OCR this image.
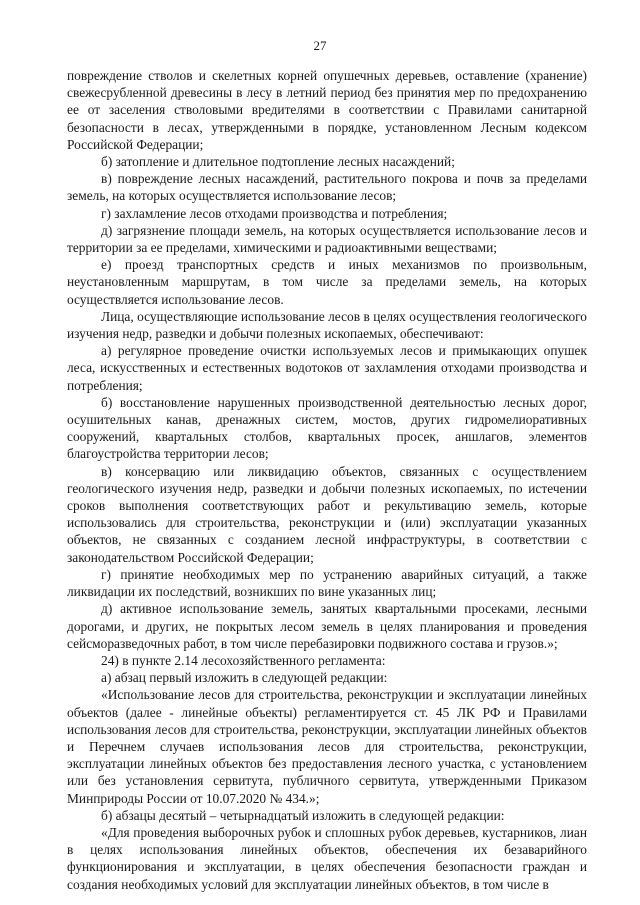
27

повреждение стволов и скелетных корней опушечных деревьев, оставление (хранение) свежесрубленной древесины в лесу в летний период без принятия мер по предохранению ее от заселения стволовыми вредителями в соответствии с Правилами санитарной безопасности в лесах, утвержденными в порядке, установленном Лесным кодексом Российской Федерации;

б) затопление и длительное подтопление лесных насаждений;

в) повреждение лесных насаждений, растительного покрова и почв за пределами земель, на которых осуществляется использование лесов;

г) захламление лесов отходами производства и потребления;

д) загрязнение площади земель, на которых осуществляется использование лесов и территории за ее пределами, химическими и радиоактивными веществами;

е) проезд транспортных средств и иных механизмов по произвольным, неустановленным маршрутам, в том числе за пределами земель, на которых осуществляется использование лесов.

Лица, осуществляющие использование лесов в целях осуществления геологического изучения недр, разведки и добычи полезных ископаемых, обеспечивают:

а) регулярное проведение очистки используемых лесов и примыкающих опушек леса, искусственных и естественных водотоков от захламления отходами производства и потребления;

б) восстановление нарушенных производственной деятельностью лесных дорог, осушительных канав, дренажных систем, мостов, других гидромелиоративных сооружений, квартальных столбов, квартальных просек, аншлагов, элементов благоустройства территории лесов;

в) консервацию или ликвидацию объектов, связанных с осуществлением геологического изучения недр, разведки и добычи полезных ископаемых, по истечении сроков выполнения соответствующих работ и рекультивацию земель, которые использовались для строительства, реконструкции и (или) эксплуатации указанных объектов, не связанных с созданием лесной инфраструктуры, в соответствии с законодательством Российской Федерации;

г) принятие необходимых мер по устранению аварийных ситуаций, а также ликвидации их последствий, возникших по вине указанных лиц;

д) активное использование земель, занятых квартальными просеками, лесными дорогами, и других, не покрытых лесом земель в целях планирования и проведения сейсморазведочных работ, в том числе перебазировки подвижного состава и грузов.»;

24) в пункте 2.14 лесохозяйственного регламента:

а) абзац первый изложить в следующей редакции:

«Использование лесов для строительства, реконструкции и эксплуатации линейных объектов (далее - линейные объекты) регламентируется ст. 45 ЛК РФ и Правилами использования лесов для строительства, реконструкции, эксплуатации линейных объектов и Перечнем случаев использования лесов для строительства, реконструкции, эксплуатации линейных объектов без предоставления лесного участка, с установлением или без установления сервитута, публичного сервитута, утвержденными Приказом Минприроды России от 10.07.2020 № 434.»;

б) абзацы десятый – четырнадцатый изложить в следующей редакции:

«Для проведения выборочных рубок и сплошных рубок деревьев, кустарников, лиан в целях использования линейных объектов, обеспечения их безаварийного функционирования и эксплуатации, в целях обеспечения безопасности граждан и создания необходимых условий для эксплуатации линейных объектов, в том числе в
